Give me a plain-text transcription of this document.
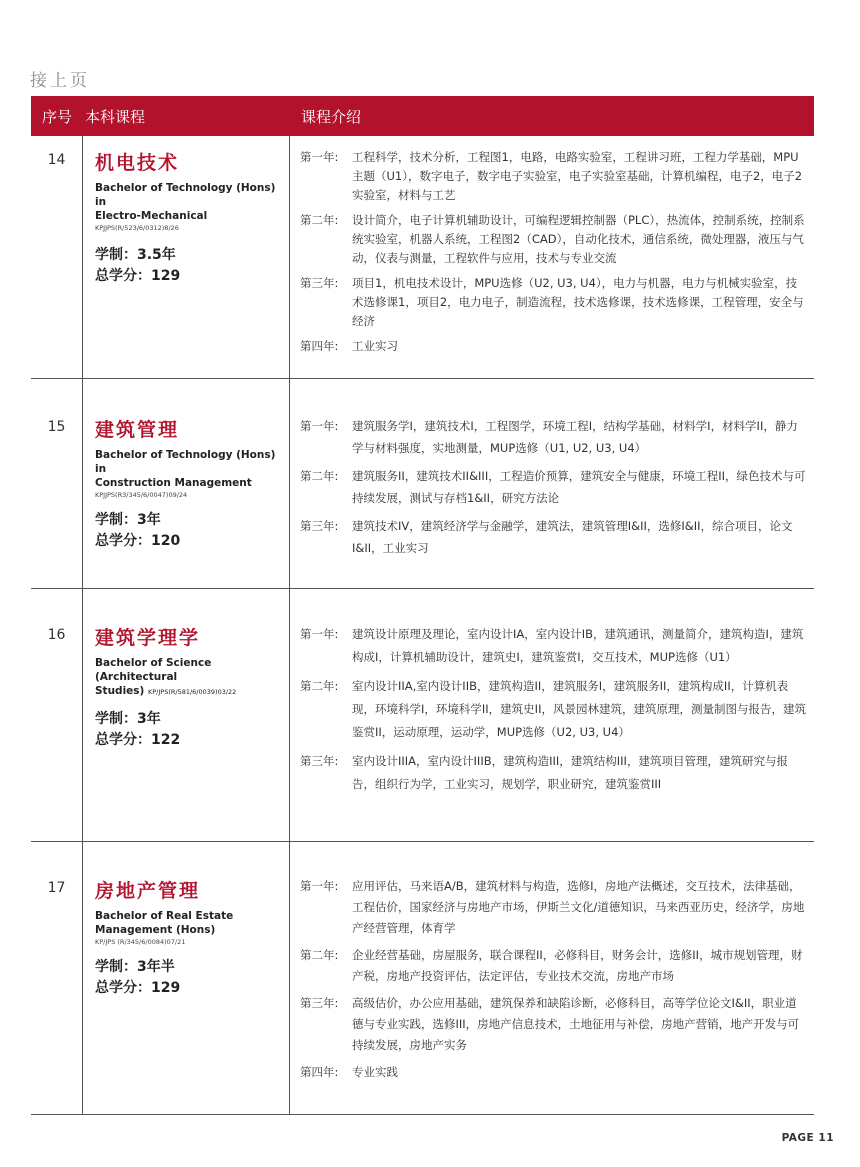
接上页
序号 本科课程	课程介绍
14	机电技术
Bachelor of Technology (Hons) in
Electro-Mechanical
KPJJPS(R/523/6/0312)8/26
学制：3.5年
总学分：129
第一年:	工程科学，技术分析，工程图1，电路，电路实验室，工程讲习班，工程力学基础，MPU主题（U1），数字电子，数字电子实验室，电子实验室基础，计算机编程，电子2，电子2实验室，材料与工艺
第二年:	设计简介，电子计算机辅助设计，可编程逻辑控制器（PLC），热流体，控制系统，控制系统实验室，机器人系统，工程图2（CAD），自动化技术，通信系统，微处理器，液压与气动，仪表与测量，工程软件与应用，技术与专业交流
第三年:	项目1，机电技术设计，MPU选修（U2, U3, U4），电力与机器，电力与机械实验室，技术选修课1，项目2，电力电子，制造流程，技术选修课，技术选修课，工程管理，安全与经济
第四年:	工业实习
15	建筑管理
Bachelor of Technology (Hons) in
Construction Management
KPJJPS(R3/345/6/0047)09/24
学制：3年
总学分：120
第一年:	建筑服务学I，建筑技术I，工程图学，环境工程I，结构学基础，材料学I，材料学II，静力学与材料强度，实地测量，MUP选修（U1, U2, U3, U4）
第二年:	建筑服务II，建筑技术II&III，工程造价预算，建筑安全与健康，环境工程II，绿色技术与可持续发展，测试与存档1&II，研究方法论
第三年:	建筑技术IV，建筑经济学与金融学，建筑法，建筑管理I&II，选修I&II，综合项目，论文I&II，工业实习
16	建筑学理学
Bachelor of Science (Architectural
Studies) KP/JPS(R/581/6/0039)03/22
学制：3年
总学分：122
第一年:	建筑设计原理及理论，室内设计IA，室内设计IB，建筑通讯，测量简介，建筑构造I，建筑构成I，计算机辅助设计，建筑史I，建筑鉴赏I，交互技术，MUP选修（U1）
第二年:	室内设计IIA,室内设计IIB，建筑构造II，建筑服务I，建筑服务II，建筑构成II，计算机表现，环境科学I，环境科学II，建筑史II，风景园林建筑，建筑原理，测量制图与报告，建筑鉴赏II，运动原理，运动学，MUP选修（U2, U3, U4）
第三年:	室内设计IIIA，室内设计IIIB，建筑构造III，建筑结构III，建筑项目管理，建筑研究与报告，组织行为学，工业实习，规划学，职业研究，建筑鉴赏III
17	房地产管理
Bachelor of Real Estate
Management (Hons)
KP/JPS (R/345/6/0084)07/21
学制：3年半
总学分：129
第一年:	应用评估，马来语A/B，建筑材料与构造，选修I，房地产法概述，交互技术，法律基础，工程估价，国家经济与房地产市场，伊斯兰文化/道德知识，马来西亚历史，经济学，房地产经营管理，体育学
第二年:	企业经营基础，房屋服务，联合课程II，必修科目，财务会计，选修II，城市规划管理，财产税，房地产投资评估，法定评估，专业技术交流，房地产市场
第三年:	高级估价，办公应用基础，建筑保养和缺陷诊断，必修科目，高等学位论文I&II，职业道德与专业实践，选修III，房地产信息技术，土地征用与补偿，房地产营销，地产开发与可持续发展，房地产实务
第四年:	专业实践
PAGE 11
